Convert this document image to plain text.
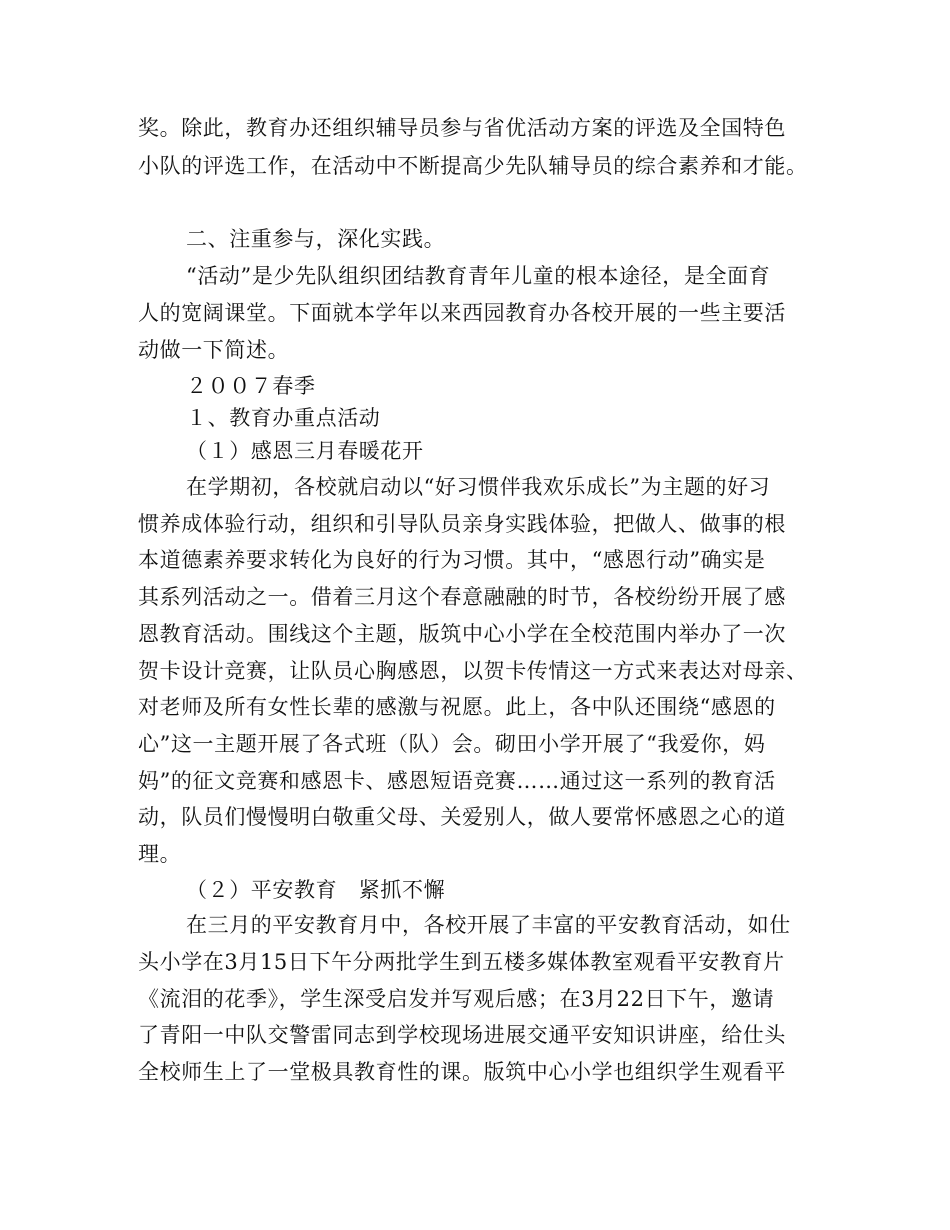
奖。除此，教育办还组织辅导员参与省优活动方案的评选及全国特色
小队的评选工作，在活动中不断提高少先队辅导员的综合素养和才能。
二、注重参与，深化实践。
“活动”是少先队组织团结教育青年儿童的根本途径，是全面育
人的宽阔课堂。下面就本学年以来西园教育办各校开展的一些主要活
动做一下简述。
２００７春季
１、教育办重点活动
（１）感恩三月春暖花开
在学期初，各校就启动以“好习惯伴我欢乐成长”为主题的好习
惯养成体验行动，组织和引导队员亲身实践体验，把做人、做事的根
本道德素养要求转化为良好的行为习惯。其中，“感恩行动”确实是
其系列活动之一。借着三月这个春意融融的时节，各校纷纷开展了感
恩教育活动。围线这个主题，版筑中心小学在全校范围内举办了一次
贺卡设计竞赛，让队员心胸感恩，以贺卡传情这一方式来表达对母亲、
对老师及所有女性长辈的感激与祝愿。此上，各中队还围绕“感恩的
心”这一主题开展了各式班（队）会。砌田小学开展了“我爱你，妈
妈”的征文竞赛和感恩卡、感恩短语竞赛……通过这一系列的教育活
动，队员们慢慢明白敬重父母、关爱别人，做人要常怀感恩之心的道
理。
（２）平安教育　紧抓不懈
在三月的平安教育月中，各校开展了丰富的平安教育活动，如仕
头小学在3月15日下午分两批学生到五楼多媒体教室观看平安教育片
《流泪的花季》，学生深受启发并写观后感；在3月22日下午，邀请
了青阳一中队交警雷同志到学校现场进展交通平安知识讲座，给仕头
全校师生上了一堂极具教育性的课。版筑中心小学也组织学生观看平
